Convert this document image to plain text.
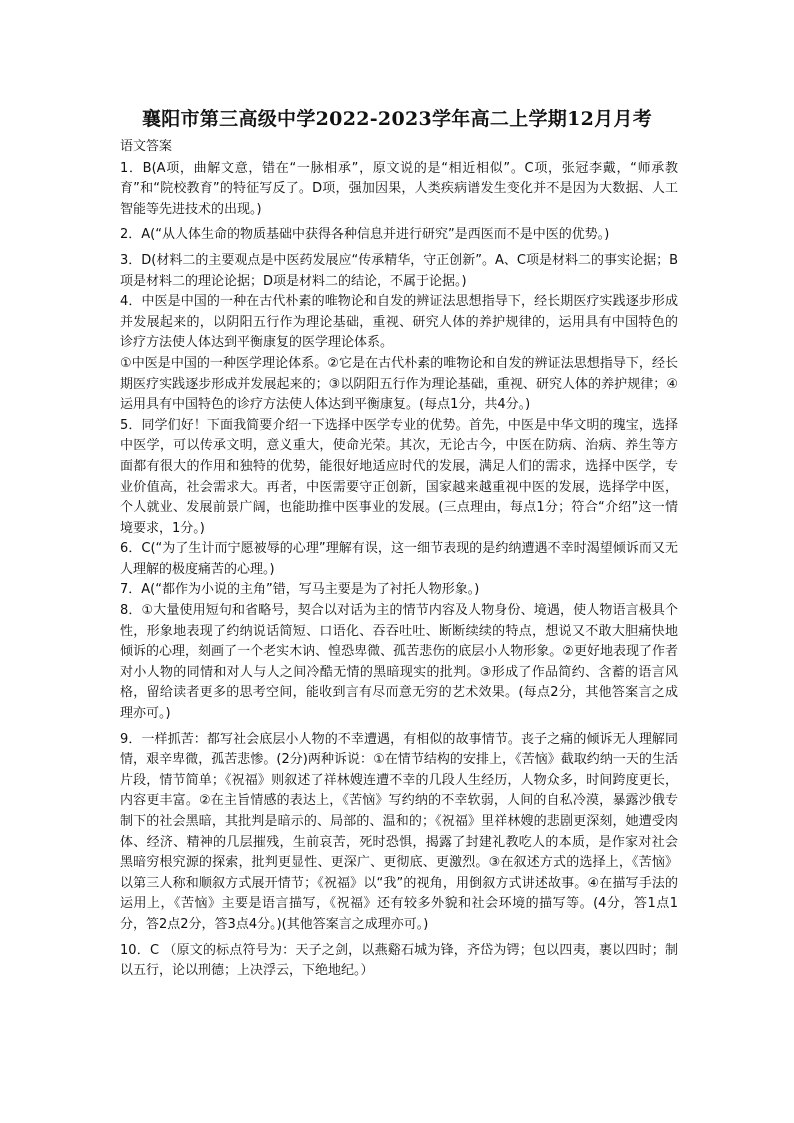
襄阳市第三高级中学2022-2023学年高二上学期12月月考

语文答案

1．B(A项，曲解文意，错在“一脉相承”，原文说的是“相近相似”。C项，张冠李戴，“师承教育”和“院校教育”的特征写反了。D项，强加因果，人类疾病谱发生变化并不是因为大数据、人工智能等先进技术的出现。)

2．A(“从人体生命的物质基础中获得各种信息并进行研究”是西医而不是中医的优势。)

3．D(材料二的主要观点是中医药发展应“传承精华，守正创新”。A、C项是材料二的事实论据；B项是材料二的理论论据；D项是材料二的结论，不属于论据。)

4．中医是中国的一种在古代朴素的唯物论和自发的辨证法思想指导下，经长期医疗实践逐步形成并发展起来的，以阴阳五行作为理论基础，重视、研究人体的养护规律的，运用具有中国特色的诊疗方法使人体达到平衡康复的医学理论体系。

①中医是中国的一种医学理论体系。②它是在古代朴素的唯物论和自发的辨证法思想指导下，经长期医疗实践逐步形成并发展起来的；③以阴阳五行作为理论基础，重视、研究人体的养护规律；④运用具有中国特色的诊疗方法使人体达到平衡康复。(每点1分，共4分。)

5．同学们好！下面我简要介绍一下选择中医学专业的优势。首先，中医是中华文明的瑰宝，选择中医学，可以传承文明，意义重大，使命光荣。其次，无论古今，中医在防病、治病、养生等方面都有很大的作用和独特的优势，能很好地适应时代的发展，满足人们的需求，选择中医学，专业价值高，社会需求大。再者，中医需要守正创新，国家越来越重视中医的发展，选择学中医，个人就业、发展前景广阔，也能助推中医事业的发展。(三点理由，每点1分；符合“介绍”这一情境要求，1分。)

6．C(“为了生计而宁愿被辱的心理”理解有误，这一细节表现的是约纳遭遇不幸时渴望倾诉而又无人理解的极度痛苦的心理。)

7．A(“都作为小说的主角”错，写马主要是为了衬托人物形象。)

8．①大量使用短句和省略号，契合以对话为主的情节内容及人物身份、境遇，使人物语言极具个性，形象地表现了约纳说话简短、口语化、吞吞吐吐、断断续续的特点，想说又不敢大胆痛快地倾诉的心理，刻画了一个老实木讷、惶恐卑微、孤苦悲伤的底层小人物形象。②更好地表现了作者对小人物的同情和对人与人之间冷酷无情的黑暗现实的批判。③形成了作品简约、含蓄的语言风格，留给读者更多的思考空间，能收到言有尽而意无穷的艺术效果。(每点2分，其他答案言之成理亦可。)

9．一样抓苦：都写社会底层小人物的不幸遭遇，有相似的故事情节。丧子之痛的倾诉无人理解同情，艰辛卑微，孤苦悲惨。(2分)两种诉说：①在情节结构的安排上，《苦恼》截取约纳一天的生活片段，情节简单；《祝福》则叙述了祥林嫂连遭不幸的几段人生经历，人物众多，时间跨度更长，内容更丰富。②在主旨情感的表达上，《苦恼》写约纳的不幸软弱，人间的自私冷漠，暴露沙俄专制下的社会黑暗，其批判是暗示的、局部的、温和的；《祝福》里祥林嫂的悲剧更深刻，她遭受肉体、经济、精神的几层摧残，生前哀苦，死时恐惧，揭露了封建礼教吃人的本质，是作家对社会黑暗穷根究源的探索，批判更显性、更深广、更彻底、更激烈。③在叙述方式的选择上，《苦恼》以第三人称和顺叙方式展开情节；《祝福》以“我”的视角，用倒叙方式讲述故事。④在描写手法的运用上，《苦恼》主要是语言描写，《祝福》还有较多外貌和社会环境的描写等。(4分，答1点1分，答2点2分，答3点4分。)(其他答案言之成理亦可。)

10．C （原文的标点符号为：天子之剑，以燕谿石城为锋，齐岱为锷；包以四夷，裹以四时；制以五行，论以刑德；上决浮云，下绝地纪。）
